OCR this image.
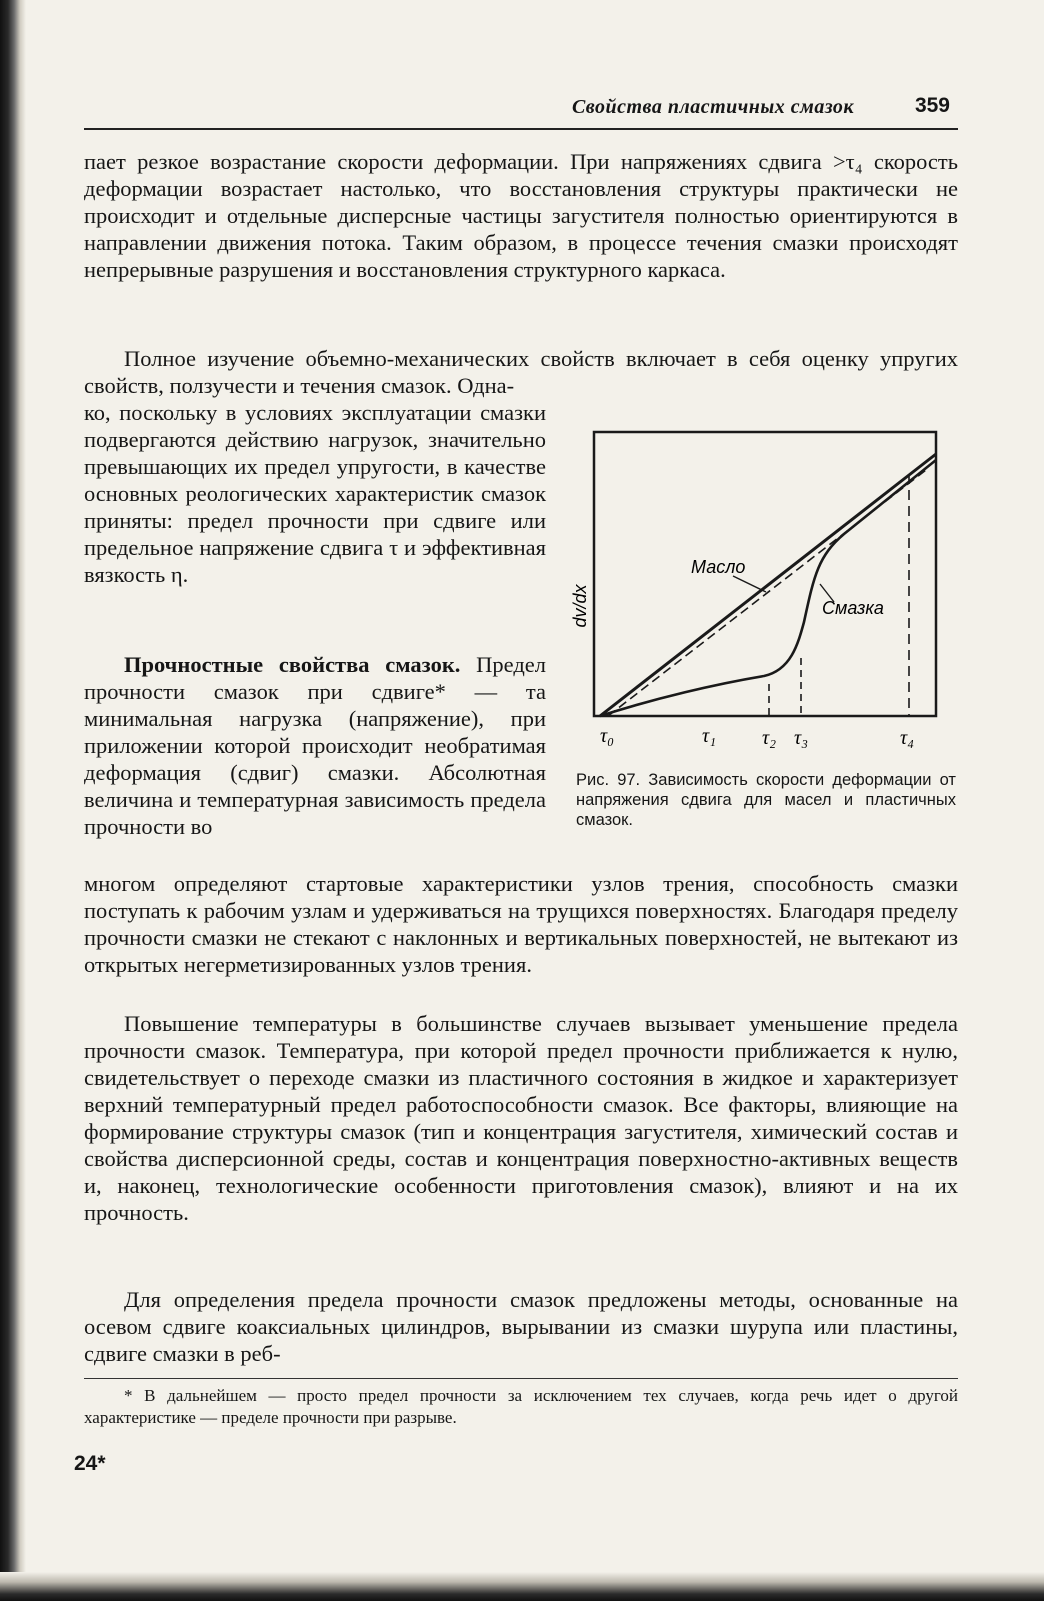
Свойства пластичных смазок	359

пает резкое возрастание скорости деформации. При напряжениях сдвига >τ₄ скорость деформации возрастает настолько, что восстановления структуры практически не происходит и отдельные дисперсные частицы загустителя полностью ориентируются в направлении движения потока. Таким образом, в процессе течения смазки происходят непрерывные разрушения и восстановления структурного каркаса.

Полное изучение объемно-механических свойств включает в себя оценку упругих свойств, ползучести и течения смазок. Одна-

ко, поскольку в условиях эксплуатации смазки подвергаются действию нагрузок, значительно превышающих их предел упругости, в качестве основных реологических характеристик смазок приняты: предел прочности при сдвиге или предельное напряжение сдвига τ и эффективная вязкость η.

Прочностные свойства смазок. Предел прочности смазок при сдвиге* — та минимальная нагрузка (напряжение), при приложении которой происходит необратимая деформация (сдвиг) смазки. Абсолютная величина и температурная зависимость предела прочности во

многом определяют стартовые характеристики узлов трения, способность смазки поступать к рабочим узлам и удерживаться на трущихся поверхностях. Благодаря пределу прочности смазки не стекают с наклонных и вертикальных поверхностей, не вытекают из открытых негерметизированных узлов трения.

Повышение температуры в большинстве случаев вызывает уменьшение предела прочности смазок. Температура, при которой предел прочности приближается к нулю, свидетельствует о переходе смазки из пластичного состояния в жидкое и характеризует верхний температурный предел работоспособности смазок. Все факторы, влияющие на формирование структуры смазок (тип и концентрация загустителя, химический состав и свойства дисперсионной среды, состав и концентрация поверхностно-активных веществ и, наконец, технологические особенности приготовления смазок), влияют и на их прочность.

Для определения предела прочности смазок предложены методы, основанные на осевом сдвиге коаксиальных цилиндров, вырывании из смазки шурупа или пластины, сдвиге смазки в реб-

Масло
Смазка
dv/dx
τ₀	τ₁ τ₂ τ₃	τ₄
Рис. 97. Зависимость скорости деформации от напряжения сдвига для масел и пластичных смазок.

* В дальнейшем — просто предел прочности за исключением тех случаев, когда речь идет о другой характеристике — пределе прочности при разрыве.

24*
